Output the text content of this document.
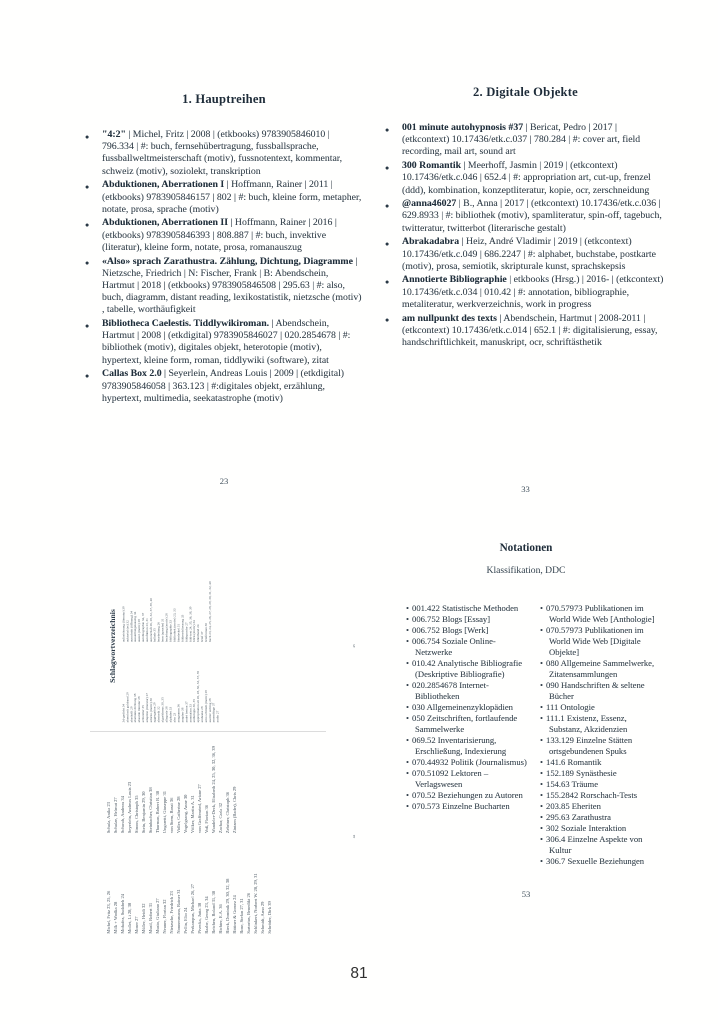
1. Hauptreihen
● "4:2" | Michel, Fritz | 2008 | (etkbooks) 9783905846010 | 796.334 | #: buch, fernsehübertragung, fussballsprache, fussballweltmeisterschaft (motiv), fussnotentext, kommentar, schweiz (motiv), soziolekt, transkription
● Abduktionen, Aberrationen I | Hoffmann, Rainer | 2011 | (etkbooks) 9783905846157 | 802 | #: buch, kleine form, metapher, notate, prosa, sprache (motiv)
● Abduktionen, Aberrationen II | Hoffmann, Rainer | 2016 | (etkbooks) 9783905846393 | 808.887 | #: buch, invektive (literatur), kleine form, notate, prosa, romanauszug
● «Also» sprach Zarathustra. Zählung, Dichtung, Diagramme | Nietzsche, Friedrich | N: Fischer, Frank | B: Abendschein, Hartmut | 2018 | (etkbooks) 9783905846508 | 295.63 | #: also, buch, diagramm, distant reading, lexikostatistik, nietzsche (motiv) , tabelle, worthäufigkeit
● Bibliotheca Caelestis. Tiddlywikiroman. | Abendschein, Hartmut | 2008 | (etkdigital) 9783905846027 | 020.2854678 | #: bibliothek (motiv), digitales objekt, heterotopie (motiv), hypertext, kleine form, roman, tiddlywiki (software), zitat
● Callas Box 2.0 | Seyerlein, Andreas Louis | 2009 | (etkdigital) 9783905846058 | 363.123 | #:digitales objekt, erzählung, hypertext, multimedia, seekatastrophe (motiv)
23
2. Digitale Objekte
● 001 minute autohypnosis #37 | Bericat, Pedro | 2017 | (etkcontext) 10.17436/etk.c.037 | 780.284 | #: cover art, field recording, mail art, sound art
● 300 Romantik | Meerhoff, Jasmin | 2019 | (etkcontext) 10.17436/etk.c.046 | 652.4 | #: appropriation art, cut-up, frenzel (ddd), kombination, konzeptliteratur, kopie, ocr, zerschneidung
● @anna46027 | B., Anna | 2017 | (etkcontext) 10.17436/etk.c.036 | 629.8933 | #: bibliothek (motiv), spamliteratur, spin-off, tagebuch, twitteratur, twitterbot (literarische gestalt)
● Abrakadabra | Heiz, André Vladimir | 2019 | (etkcontext) 10.17436/etk.c.049 | 686.2247 | #: alphabet, buchstabe, postkarte (motiv), prosa, semiotik, skripturale kunst, sprachskepsis
● Annotierte Bibliographie | etkbooks (Hrsg.) | 2016- | (etkcontext) 10.17436/etk.c.034 | 010.42 | #: annotation, bibliographie, metaliteratur, werkverzeichnis, work in progress
● am nullpunkt des texts | Abendschein, Hartmut | 2008-2011 | (etkcontext) 10.17436/etk.c.014 | 652.1 | #: digitalisierung, essay, handschriftlichkeit, manuskript, ocr, schriftästhetik
33
Notationen
Klassifikation, DDC
• 001.422 Statistische Methoden
• 006.752 Blogs [Essay]
• 006.752 Blogs [Werk]
• 006.754 Soziale Online-Netzwerke
• 010.42 Analytische Bibliografie (Deskriptive Bibliografie)
• 020.2854678 Internet-Bibliotheken
• 030 Allgemeinenzyklopädien
• 050 Zeitschriften, fortlaufende Sammelwerke
• 069.52 Inventarisierung, Erschließung, Indexierung
• 070.44932 Politik (Journalismus)
• 070.51092 Lektoren – Verlagswesen
• 070.52 Beziehungen zu Autoren
• 070.573 Einzelne Bucharten
• 070.57973 Publikationen im World Wide Web [Anthologie]
• 070.57973 Publikationen im World Wide Web [Digitale Objekte]
• 080 Allgemeine Sammelwerke, Zitatensammlungen
• 090 Handschriften & seltene Bücher
• 111 Ontologie
• 111.1 Existenz, Essenz, Substanz, Akzidenzien
• 133.129 Einzelne Stätten ortsgebundenen Spuks
• 141.6 Romantik
• 152.189 Synästhesie
• 154.63 Träume
• 155.2842 Rorschach-Tests
• 203.85 Eheriten
• 295.63 Zarathustra
• 302 Soziale Interaktion
• 306.4 Einzelne Aspekte von Kultur
• 306.7 Sexuelle Beziehungen
53
Schlagwortverzeichnis
3d-gedicht 34 abend mit goldrand 29 abschrift 29 abstrakte dichtung 38 absurde literatur 28 achtzeiler 35 adaption (literatur) 27 adorno (motiv) 30 aggregation 29 aleatorik 32 algorithmus 30, 35 allegorie 38 alphabet 33 also 23 anagramm 36 anapher 38 andré breton 37 annotation 33 anthologie 30, 35 appropriation art 26, 28, 30, 33, 37, 39 arabeske 28 arno schmidt (motiv) 29 asemic writing 28 assemblage 37 audio 27
aufzeichnung (literatur) 39 auktorial (es) 32 ausschnitt (öffnung) 34 ausstellungskatalog 34 auster (motiv) 28 autobiographie 34, 37 autofiktion 23, 31 autorschaft 26, 28, 32, 37, 39, 40 ballade 35 bearbeitung 26 bern (sprache) 31 beziehung (motiv) 28 bibliographie 33 bibliothek (motiv) 23, 33 bierdeckel 31 bilderschliessung 33 bildsprache 27 bild-text 24, 35, 36, 38, 39 blick (motiv) 34 blindband 24 brief 37 briefroman 30 buch 23, 24, 25, 26, 27, 28, 29, 30, 31, 32, 40
45
Michel, Fritz 23, 25, 26 Milk + Wodka 28 Mohafez, Sudabeh 24 Mollet, Li 28, 30 Moser 27 Müller, Heidi 32 Musil, Robert 31 Musio, Giuliano 27 Neuner, Florian 32 Nietzsche, Friedrich 23 Nonnenmann, Rainer 31 Pellin, Elio 24 Perkampus, Michael 26, 27 Pivecka, Jutta 30 Raabe, Georg 23, 34 Reichen, Roland 31, 38 Richter, E.A. 36 Rieck, Dominik 29, 30, 32, 38 Rittiner & Gomez 24 Rose, Stefan 27, 31 Sartorius, Benedikt 26 Schlinkert, Norbert W. 28, 29, 31 Schmidt, Arno 29 Schröder, Dirk 39
Schulz, Anika 23 Schulze, Helmut 27 Schwab, Andreas 34 Seyerlein, Andreas Louis 23 Simon, Christoph 35 Stein, Benjamin 29, 30 Steinbacher, Christian 38 Thurman, Robert R. 38 Ungaretti, Giuseppe 31 von Stern, Rossi 36 Vidler, Catherine 28 Vogelgsang, Anne 30 Völker, Martin A. 31 von Graffenried, Ariane 27 Voß, Florian 36 Wandeler-Deck, Elisabeth 24, 25, 30, 32, 36, 39 Zachar, Carla 32 Zebriner, Christoph 36 Zintzen (Bader), Chris 29
44
81
